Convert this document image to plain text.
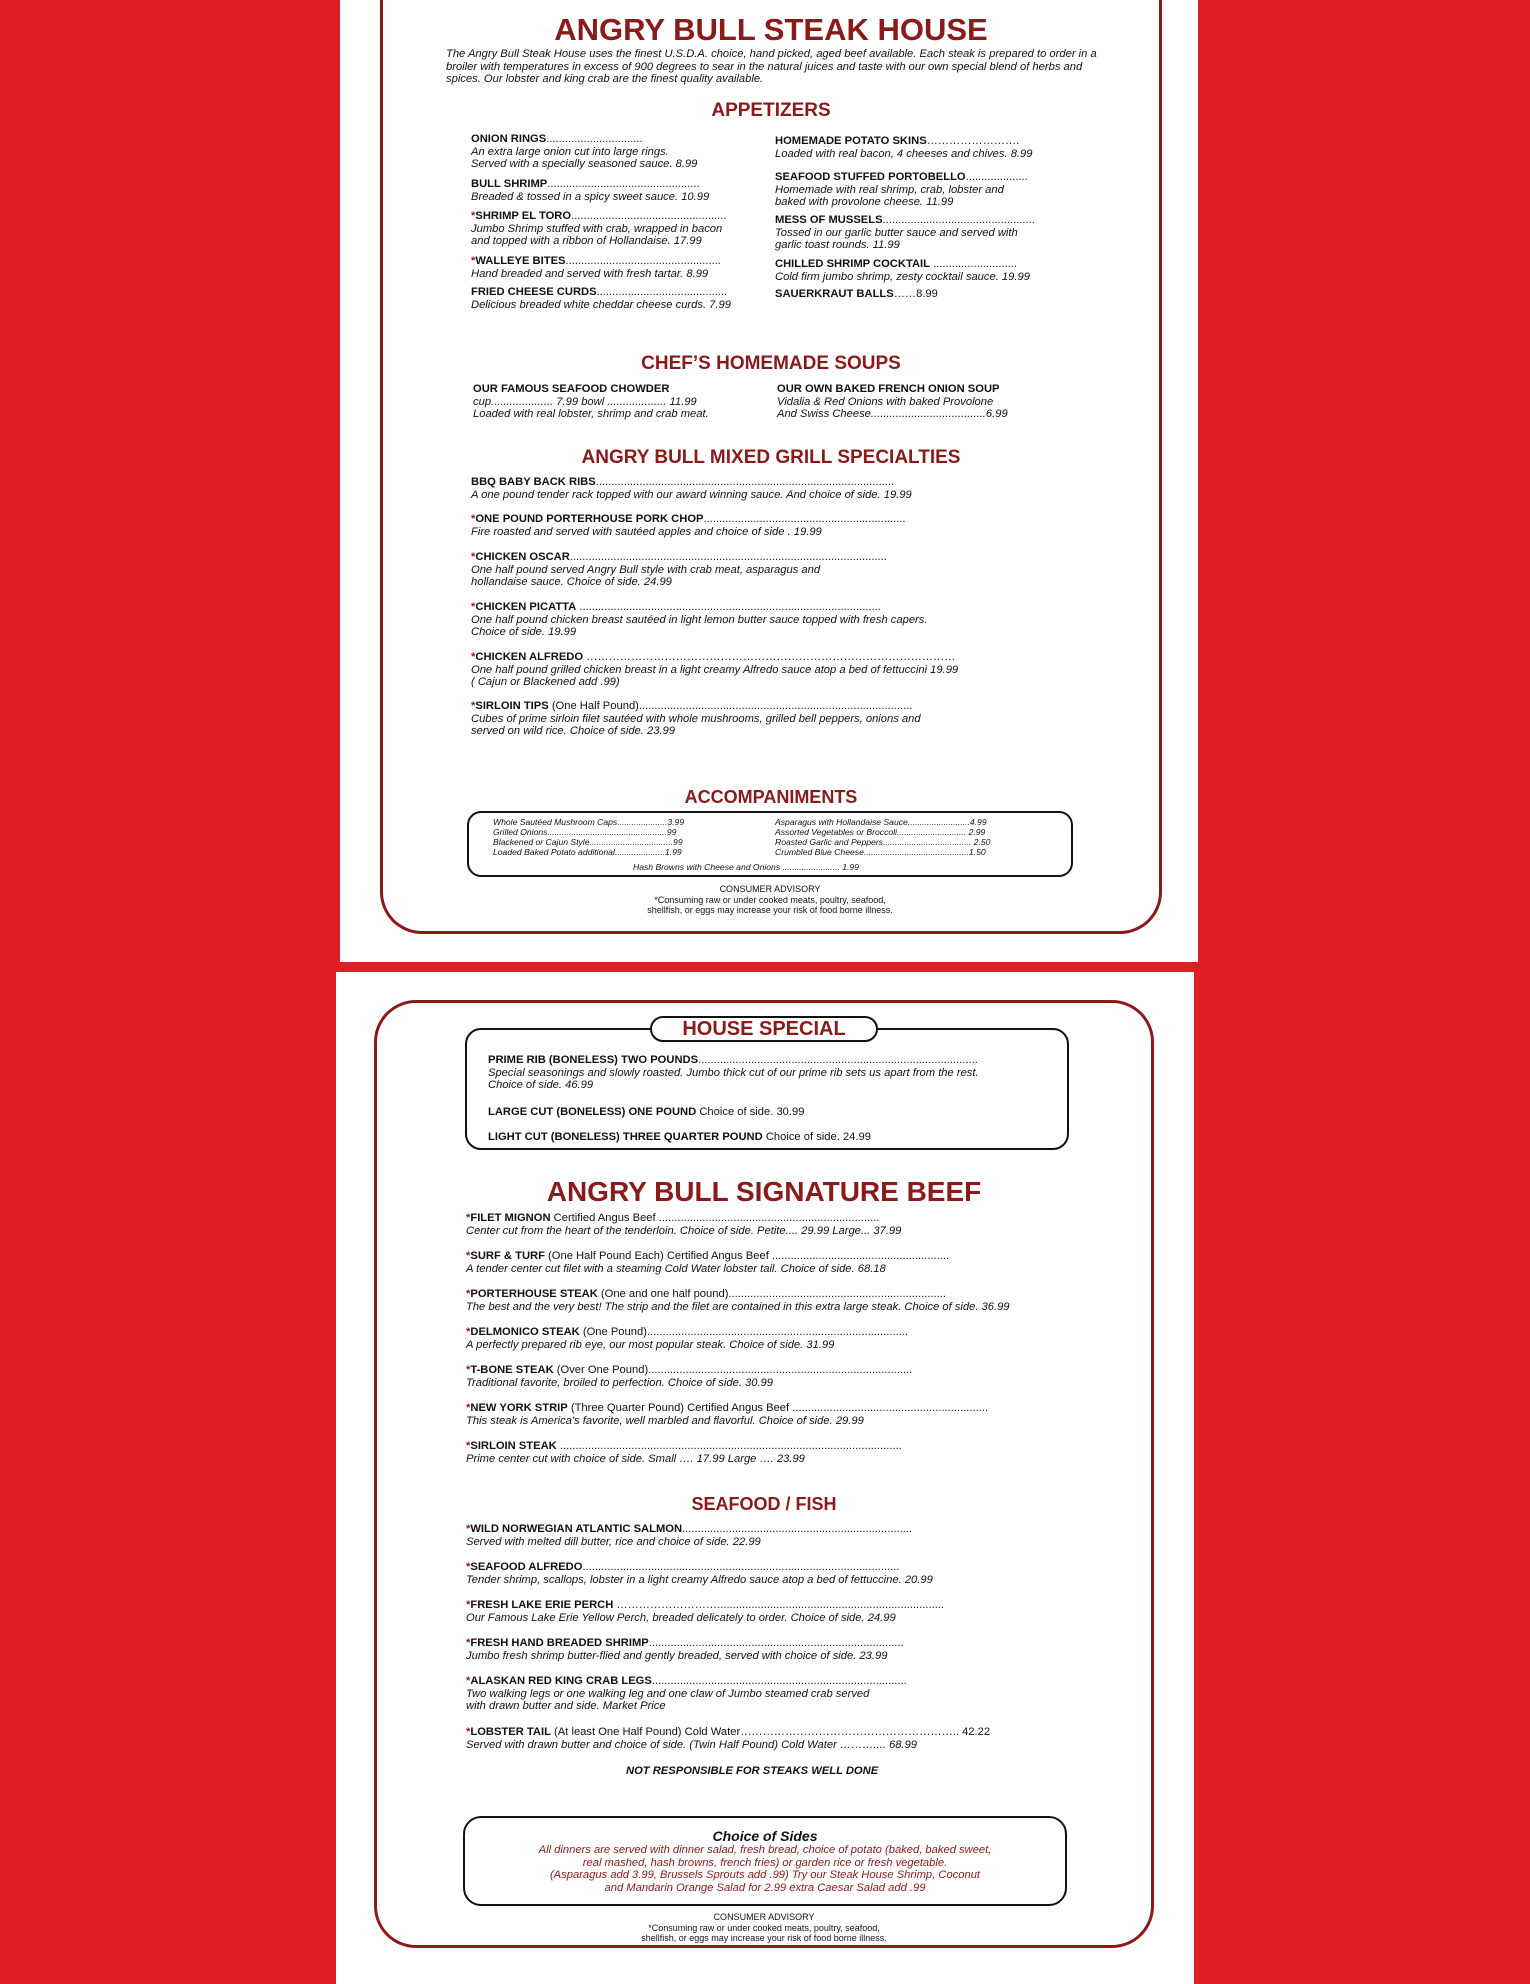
ANGRY BULL STEAK HOUSE
The Angry Bull Steak House uses the finest U.S.D.A. choice, hand picked, aged beef available. Each steak is prepared to order in a broiler with temperatures in excess of 900 degrees to sear in the natural juices and taste with our own special blend of herbs and spices. Our lobster and king crab are the finest quality available.
APPETIZERS
ONION RINGS...............................
An extra large onion cut into large rings.
Served with a specially seasoned sauce. 8.99
BULL SHRIMP.................................................
Breaded & tossed in a spicy sweet sauce. 10.99
*SHRIMP EL TORO..................................................
Jumbo Shrimp stuffed with crab, wrapped in bacon
and topped with a ribbon of Hollandaise. 17.99
*WALLEYE BITES..................................................
Hand breaded and served with fresh tartar. 8.99
FRIED CHEESE CURDS..........................................
Delicious breaded white cheddar cheese curds. 7.99
HOMEMADE POTATO SKINS…………………….
Loaded with real bacon, 4 cheeses and chives. 8.99
SEAFOOD STUFFED PORTOBELLO....................
Homemade with real shrimp, crab, lobster and
baked with provolone cheese. 11.99
MESS OF MUSSELS.................................................
Tossed in our garlic butter sauce and served with
garlic toast rounds. 11.99
CHILLED SHRIMP COCKTAIL ...........................
Cold firm jumbo shrimp, zesty cocktail sauce. 19.99
SAUERKRAUT BALLS……8.99
CHEF’S HOMEMADE SOUPS
OUR FAMOUS SEAFOOD CHOWDER
cup.................... 7.99 bowl ................... 11.99
Loaded with real lobster, shrimp and crab meat.
OUR OWN BAKED FRENCH ONION SOUP
Vidalia & Red Onions with baked Provolone
And Swiss Cheese.....................................6.99
ANGRY BULL MIXED GRILL SPECIALTIES
BBQ BABY BACK RIBS................................................................................................
A one pound tender rack topped with our award winning sauce. And choice of side. 19.99
*ONE POUND PORTERHOUSE PORK CHOP.................................................................
Fire roasted and served with sautéed apples and choice of side . 19.99
*CHICKEN OSCAR......................................................................................................
One half pound served Angry Bull style with crab meat, asparagus and
hollandaise sauce. Choice of side. 24.99
*CHICKEN PICATTA .................................................................................................
One half pound chicken breast sautéed in light lemon butter sauce topped with fresh capers.
Choice of side. 19.99
*CHICKEN ALFREDO ………………………………………………………………………………………
One half pound grilled chicken breast in a light creamy Alfredo sauce atop a bed of fettuccini 19.99
( Cajun or Blackened add .99)
*SIRLOIN TIPS (One Half Pound)........................................................................................
Cubes of prime sirloin filet sautéed with whole mushrooms, grilled bell peppers, onions and
served on wild rice. Choice of side. 23.99
ACCOMPANIMENTS
Whole Sautéed Mushroom Caps.....................3.99
Grilled Onions..................................................99
Blackened or Cajun Style...................................99
Loaded Baked Potato additional.....................1.99
Asparagus with Hollandaise Sauce..........................4.99
Assorted Vegetables or Broccoli............................. 2.99
Roasted Garlic and Peppers..................................... 2.50
Crumbled Blue Cheese............................................1.50
Hash Browns with Cheese and Onions ........................ 1.99
CONSUMER ADVISORY
*Consuming raw or under cooked meats, poultry, seafood,
shellfish, or eggs may increase your risk of food borne illness.
HOUSE SPECIAL
PRIME RIB (BONELESS) TWO POUNDS..........................................................................................
Special seasonings and slowly roasted. Jumbo thick cut of our prime rib sets us apart from the rest.
Choice of side. 46.99
LARGE CUT (BONELESS) ONE POUND Choice of side. 30.99
LIGHT CUT (BONELESS) THREE QUARTER POUND Choice of side. 24.99
ANGRY BULL SIGNATURE BEEF
*FILET MIGNON Certified Angus Beef .......................................................................
Center cut from the heart of the tenderloin. Choice of side. Petite.... 29.99 Large... 37.99
*SURF & TURF (One Half Pound Each) Certified Angus Beef .........................................................
A tender center cut filet with a steaming Cold Water lobster tail. Choice of side. 68.18
*PORTERHOUSE STEAK (One and one half pound)......................................................................
The best and the very best! The strip and the filet are contained in this extra large steak. Choice of side. 36.99
*DELMONICO STEAK (One Pound)....................................................................................
A perfectly prepared rib eye, our most popular steak. Choice of side. 31.99
*T-BONE STEAK (Over One Pound).....................................................................................
Traditional favorite, broiled to perfection. Choice of side. 30.99
*NEW YORK STRIP (Three Quarter Pound) Certified Angus Beef ...............................................................
This steak is America's favorite, well marbled and flavorful. Choice of side. 29.99
*SIRLOIN STEAK ..............................................................................................................
Prime center cut with choice of side. Small …. 17.99 Large …. 23.99
SEAFOOD / FISH
*WILD NORWEGIAN ATLANTIC SALMON..........................................................................
Served with melted dill butter, rice and choice of side. 22.99
*SEAFOOD ALFREDO......................................................................................................
Tender shrimp, scallops, lobster in a light creamy Alfredo sauce atop a bed of fettuccine. 20.99
*FRESH LAKE ERIE PERCH ……………………….........................................................................
Our Famous Lake Erie Yellow Perch, breaded delicately to order. Choice of side. 24.99
*FRESH HAND BREADED SHRIMP..................................................................................
Jumbo fresh shrimp butter-flied and gently breaded, served with choice of side. 23.99
*ALASKAN RED KING CRAB LEGS..................................................................................
Two walking legs or one walking leg and one claw of Jumbo steamed crab served
with drawn butter and side. Market Price
*LOBSTER TAIL (At least One Half Pound) Cold Water………………………………………………….. 42.22
Served with drawn butter and choice of side. (Twin Half Pound) Cold Water ……….... 68.99
NOT RESPONSIBLE FOR STEAKS WELL DONE
Choice of Sides
All dinners are served with dinner salad, fresh bread, choice of potato (baked, baked sweet,
real mashed, hash browns, french fries) or garden rice or fresh vegetable.
(Asparagus add 3.99, Brussels Sprouts add .99) Try our Steak House Shrimp, Coconut
and Mandarin Orange Salad for 2.99 extra Caesar Salad add .99
CONSUMER ADVISORY
*Consuming raw or under cooked meats, poultry, seafood,
shellfish, or eggs may increase your risk of food borne illness.
